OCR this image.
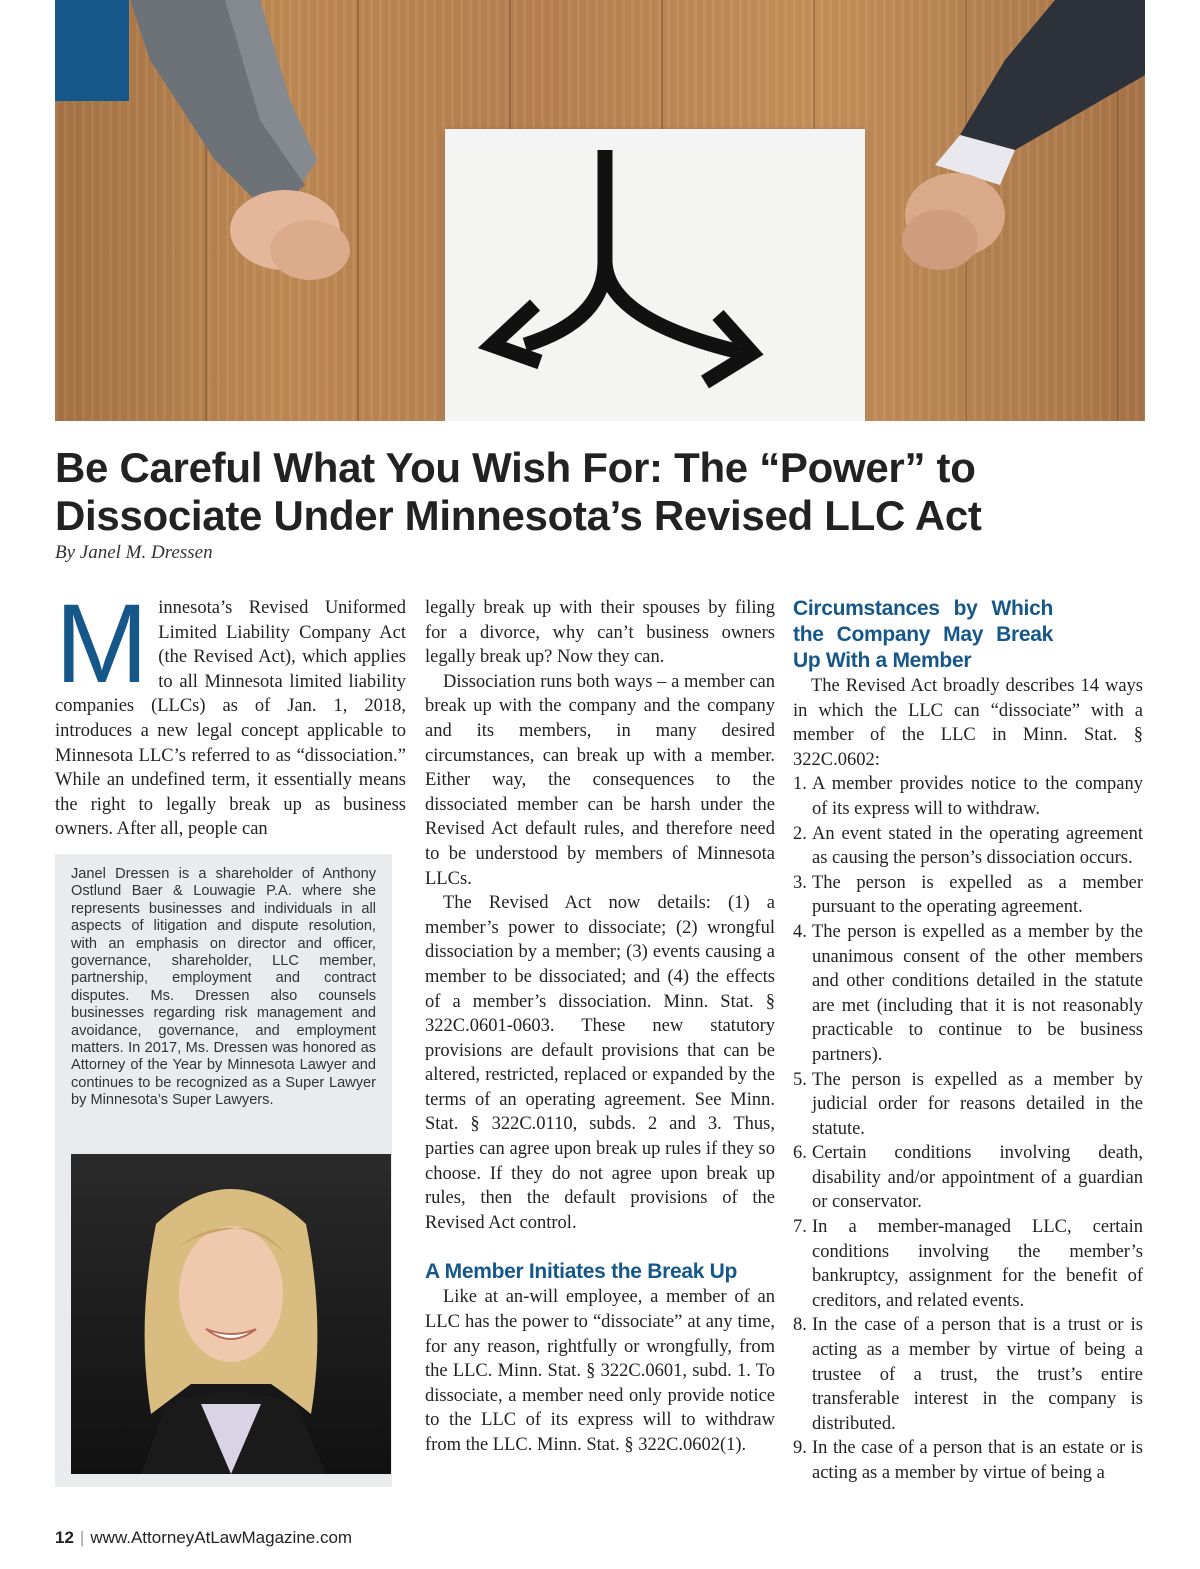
Be Careful What You Wish For: The “Power” to
Dissociate Under Minnesota’s Revised LLC Act
By Janel M. Dressen

Minnesota’s Revised Uniformed Limited Liability Company Act (the Revised Act), which applies to all Minnesota limited liability companies (LLCs) as of Jan. 1, 2018, introduces a new legal concept applicable to Minnesota LLC’s referred to as “dissociation.” While an undefined term, it essentially means the right to legally break up as business owners. After all, people can

Janel Dressen is a shareholder of Anthony Ostlund Baer & Louwagie P.A. where she represents businesses and individuals in all aspects of litigation and dispute resolution, with an emphasis on director and officer, governance, shareholder, LLC member, partnership, employment and contract disputes. Ms. Dressen also counsels businesses regarding risk management and avoidance, governance, and employment matters. In 2017, Ms. Dressen was honored as Attorney of the Year by Minnesota Lawyer and continues to be recognized as a Super Lawyer by Minnesota’s Super Lawyers.

legally break up with their spouses by filing for a divorce, why can’t business owners legally break up? Now they can.

Dissociation runs both ways – a member can break up with the company and the company and its members, in many desired circumstances, can break up with a member. Either way, the consequences to the dissociated member can be harsh under the Revised Act default rules, and therefore need to be understood by members of Minnesota LLCs.

The Revised Act now details: (1) a member’s power to dissociate; (2) wrongful dissociation by a member; (3) events causing a member to be dissociated; and (4) the effects of a member’s dissociation. Minn. Stat. § 322C.0601-0603. These new statutory provisions are default provisions that can be altered, restricted, replaced or expanded by the terms of an operating agreement. See Minn. Stat. § 322C.0110, subds. 2 and 3. Thus, parties can agree upon break up rules if they so choose. If they do not agree upon break up rules, then the default provisions of the Revised Act control.

A Member Initiates the Break Up

Like at an-will employee, a member of an LLC has the power to “dissociate” at any time, for any reason, rightfully or wrongfully, from the LLC. Minn. Stat. § 322C.0601, subd. 1. To dissociate, a member need only provide notice to the LLC of its express will to withdraw from the LLC. Minn. Stat. § 322C.0602(1).

Circumstances by Which the Company May Break Up With a Member

The Revised Act broadly describes 14 ways in which the LLC can “dissociate” with a member of the LLC in Minn. Stat. § 322C.0602:

1. A member provides notice to the company of its express will to withdraw.
2. An event stated in the operating agreement as causing the person’s dissociation occurs.
3. The person is expelled as a member pursuant to the operating agreement.
4. The person is expelled as a member by the unanimous consent of the other members and other conditions detailed in the statute are met (including that it is not reasonably practicable to continue to be business partners).
5. The person is expelled as a member by judicial order for reasons detailed in the statute.
6. Certain conditions involving death, disability and/or appointment of a guardian or conservator.
7. In a member-managed LLC, certain conditions involving the member’s bankruptcy, assignment for the benefit of creditors, and related events.
8. In the case of a person that is a trust or is acting as a member by virtue of being a trustee of a trust, the trust’s entire transferable interest in the company is distributed.
9. In the case of a person that is an estate or is acting as a member by virtue of being a
12 | www.AttorneyAtLawMagazine.com
